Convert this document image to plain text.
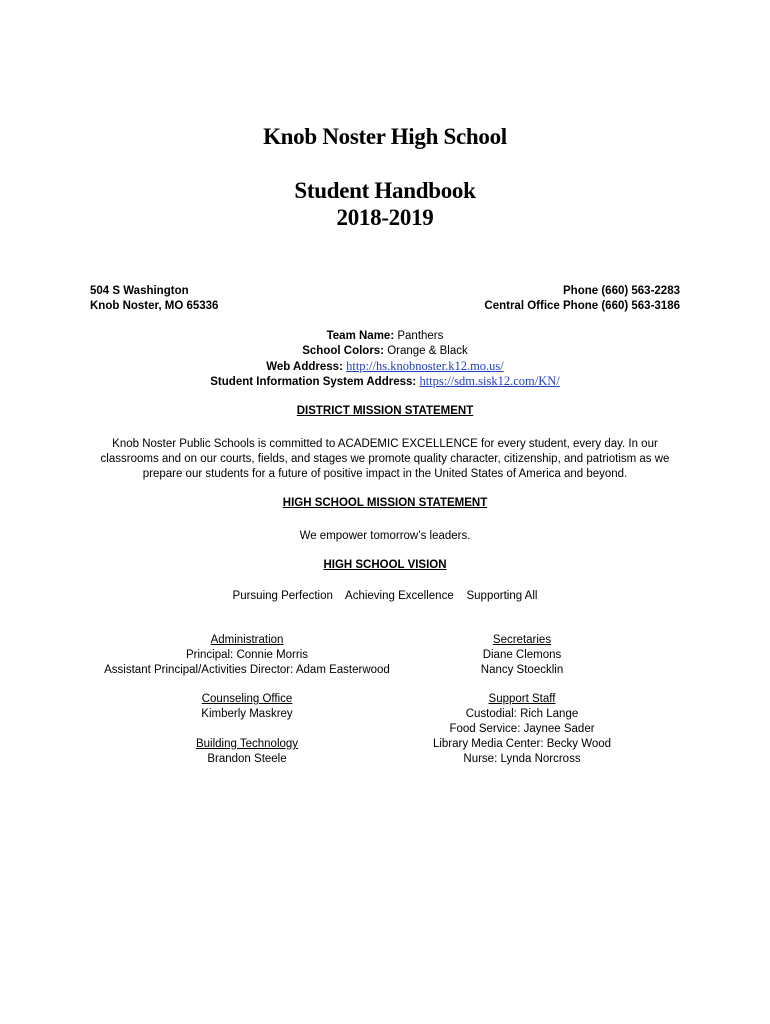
Knob Noster High School
Student Handbook
2018-2019
504 S Washington
Knob Noster, MO 65336
Phone (660) 563-2283
Central Office Phone (660) 563-3186
Team Name: Panthers
School Colors: Orange & Black
Web Address: http://hs.knobnoster.k12.mo.us/
Student Information System Address: https://sdm.sisk12.com/KN/
DISTRICT MISSION STATEMENT
Knob Noster Public Schools is committed to ACADEMIC EXCELLENCE for every student, every day. In our classrooms and on our courts, fields, and stages we promote quality character, citizenship, and patriotism as we prepare our students for a future of positive impact in the United States of America and beyond.
HIGH SCHOOL MISSION STATEMENT
We empower tomorrow’s leaders.
HIGH SCHOOL VISION
Pursuing Perfection    Achieving Excellence    Supporting All
Administration
Principal: Connie Morris
Assistant Principal/Activities Director: Adam Easterwood
Counseling Office
Kimberly Maskrey
Building Technology
Brandon Steele
Secretaries
Diane Clemons
Nancy Stoecklin
Support Staff
Custodial: Rich Lange
Food Service: Jaynee Sader
Library Media Center: Becky Wood
Nurse: Lynda Norcross
